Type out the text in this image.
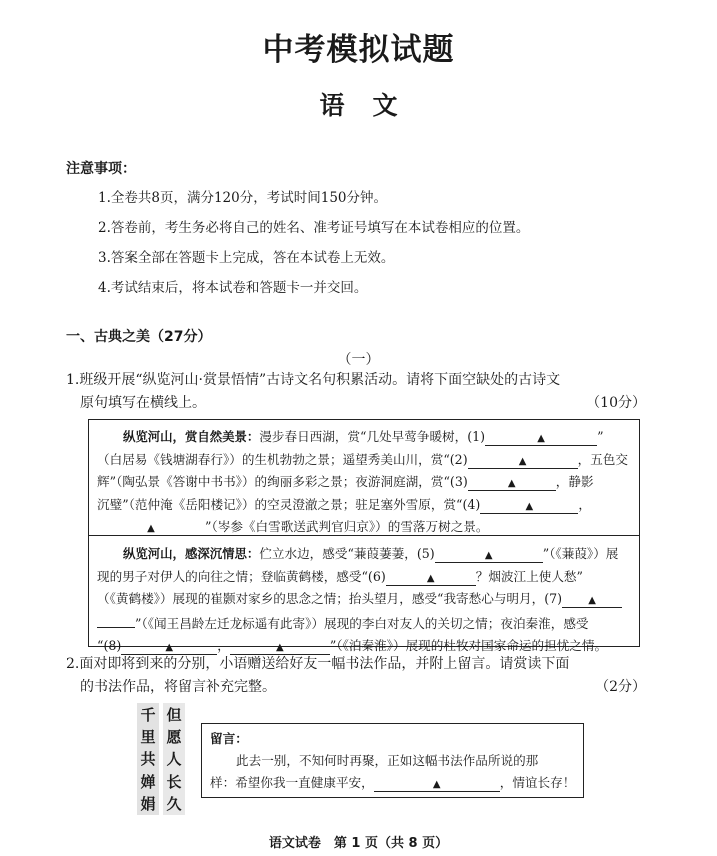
中考模拟试题
语文
注意事项：
1.全卷共8页，满分120分，考试时间150分钟。
2.答卷前，考生务必将自己的姓名、准考证号填写在本试卷相应的位置。
3.答案全部在答题卡上完成，答在本试卷上无效。
4.考试结束后，将本试卷和答题卡一并交回。
一、古典之美（27分）
（一）
1.班级开展“纵览河山·赏景悟情”古诗文名句积累活动。请将下面空缺处的古诗文
原句填写在横线上。	（10分）
纵览河山，赏自然美景：漫步春日西湖，赏“几处早莺争暖树，(1)	▲	”
（白居易《钱塘湖春行》）的生机勃勃之景；遥望秀美山川，赏“(2)	▲	，五色交
辉”（陶弘景《答谢中书书》）的绚丽多彩之景；夜游洞庭湖，赏“(3)	▲	，静影
沉璧”（范仲淹《岳阳楼记》）的空灵澄澈之景；驻足塞外雪原，赏“(4)	▲	，
▲	”（岑参《白雪歌送武判官归京》）的雪落万树之景。
纵览河山，感深沉情思：伫立水边，感受“蒹葭萋萋，(5)	▲	”（《蒹葭》）展
现的男子对伊人的向往之情；登临黄鹤楼，感受“(6)	▲	？烟波江上使人愁”
（《黄鹤楼》）展现的崔颢对家乡的思念之情；抬头望月，感受“我寄愁心与明月，(7)	▲
”（《闻王昌龄左迁龙标遥有此寄》）展现的李白对友人的关切之情；夜泊秦淮，感受
“(8)	▲	，	▲	”（《泊秦淮》）展现的杜牧对国家命运的担忧之情。
2.面对即将到来的分别，小语赠送给好友一幅书法作品，并附上留言。请赏读下面
的书法作品，将留言补充完整。	（2分）
千
里
共
婵
娟
但
愿
人
长
久
留言：
此去一别，不知何时再聚，正如这幅书法作品所说的那
样：希望你我一直健康平安，	▲	，情谊长存！
语文试卷　第 1 页（共 8 页）
